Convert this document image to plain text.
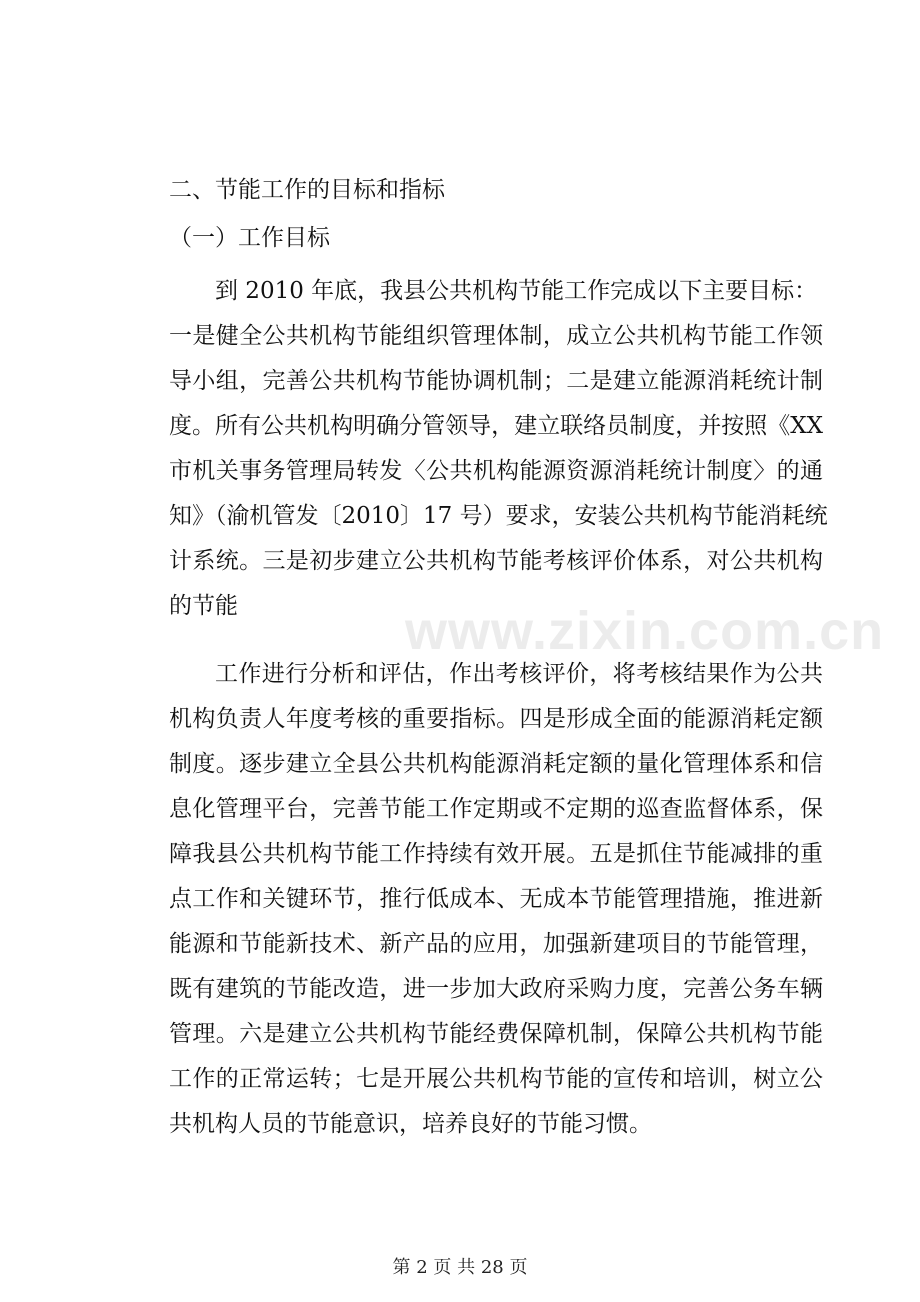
www.zixin.com.cn
二、节能工作的目标和指标
（一）工作目标
到 2010 年底，我县公共机构节能工作完成以下主要目标：
一是健全公共机构节能组织管理体制，成立公共机构节能工作领
导小组，完善公共机构节能协调机制；二是建立能源消耗统计制
度。所有公共机构明确分管领导，建立联络员制度，并按照《XX
市机关事务管理局转发〈公共机构能源资源消耗统计制度〉的通
知》（渝机管发〔2010〕17 号）要求，安装公共机构节能消耗统
计系统。三是初步建立公共机构节能考核评价体系，对公共机构
的节能
工作进行分析和评估，作出考核评价，将考核结果作为公共
机构负责人年度考核的重要指标。四是形成全面的能源消耗定额
制度。逐步建立全县公共机构能源消耗定额的量化管理体系和信
息化管理平台，完善节能工作定期或不定期的巡查监督体系，保
障我县公共机构节能工作持续有效开展。五是抓住节能减排的重
点工作和关键环节，推行低成本、无成本节能管理措施，推进新
能源和节能新技术、新产品的应用，加强新建项目的节能管理，
既有建筑的节能改造，进一步加大政府采购力度，完善公务车辆
管理。六是建立公共机构节能经费保障机制，保障公共机构节能
工作的正常运转；七是开展公共机构节能的宣传和培训，树立公
共机构人员的节能意识，培养良好的节能习惯。
第 2 页 共 28 页
